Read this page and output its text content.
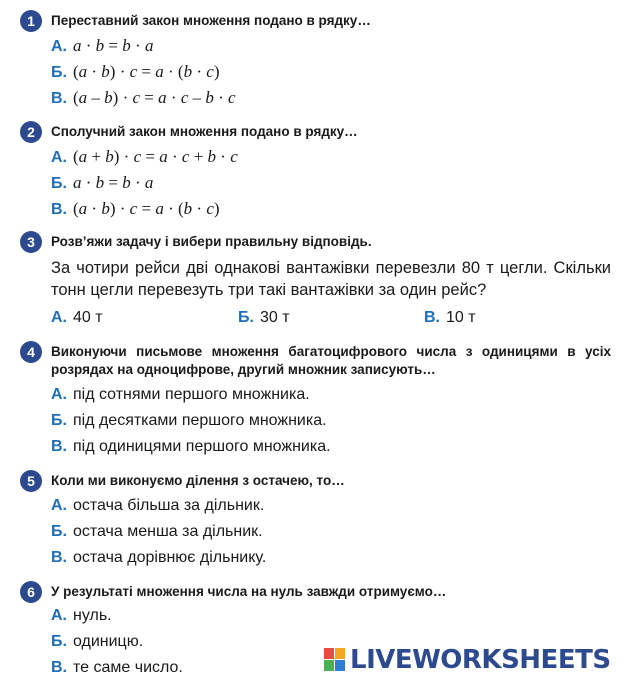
1 Переставний закон множення подано в рядку…
А. a · b = b · a
Б. (a · b) · c = a · (b · c)
В. (a – b) · c = a · c – b · c
2 Сполучний закон множення подано в рядку…
А. (a + b) · c = a · c + b · c
Б. a · b = b · a
В. (a · b) · c = a · (b · c)
3 Розв’яжи задачу і вибери правильну відповідь.
За чотири рейси дві однакові вантажівки перевезли 80 т цегли. Скільки тонн цегли перевезуть три такі вантажівки за один рейс?
А. 40 т	Б. 30 т	В. 10 т
4 Виконуючи письмове множення багатоцифрового числа з одиницями в усіх розрядах на одноцифрове, другий множник записують…
А. під сотнями першого множника.
Б. під десятками першого множника.
В. під одиницями першого множника.
5 Коли ми виконуємо ділення з остачею, то…
А. остача більша за дільник.
Б. остача менша за дільник.
В. остача дорівнює дільнику.
6 У результаті множення числа на нуль завжди отримуємо…
А. нуль.
Б. одиницю.
В. те саме число.	LIVEWORKSHEETS
